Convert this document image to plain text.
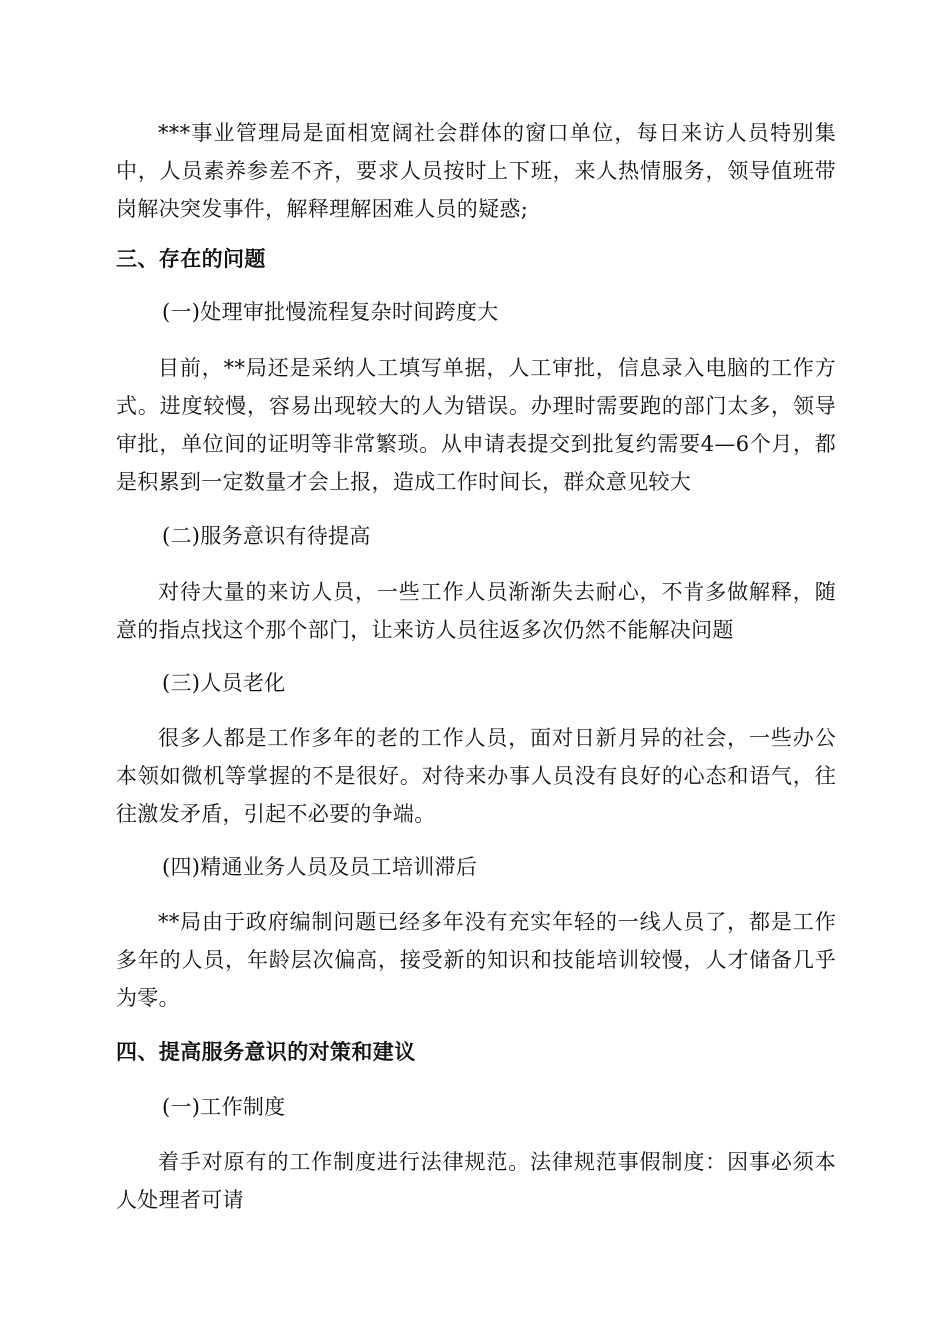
***事业管理局是面相宽阔社会群体的窗口单位，每日来访人员特别集中，人员素养参差不齐，要求人员按时上下班，来人热情服务，领导值班带岗解决突发事件，解释理解困难人员的疑惑;

三、存在的问题

(一)处理审批慢流程复杂时间跨度大

目前，**局还是采纳人工填写单据，人工审批，信息录入电脑的工作方式。进度较慢，容易出现较大的人为错误。办理时需要跑的部门太多，领导审批，单位间的证明等非常繁琐。从申请表提交到批复约需要4—6个月，都是积累到一定数量才会上报，造成工作时间长，群众意见较大

(二)服务意识有待提高

对待大量的来访人员，一些工作人员渐渐失去耐心，不肯多做解释，随意的指点找这个那个部门，让来访人员往返多次仍然不能解决问题

(三)人员老化

很多人都是工作多年的老的工作人员，面对日新月异的社会，一些办公本领如微机等掌握的不是很好。对待来办事人员没有良好的心态和语气，往往激发矛盾，引起不必要的争端。

(四)精通业务人员及员工培训滞后

**局由于政府编制问题已经多年没有充实年轻的一线人员了，都是工作多年的人员，年龄层次偏高，接受新的知识和技能培训较慢，人才储备几乎为零。

四、提高服务意识的对策和建议

(一)工作制度

着手对原有的工作制度进行法律规范。法律规范事假制度：因事必须本人处理者可请
